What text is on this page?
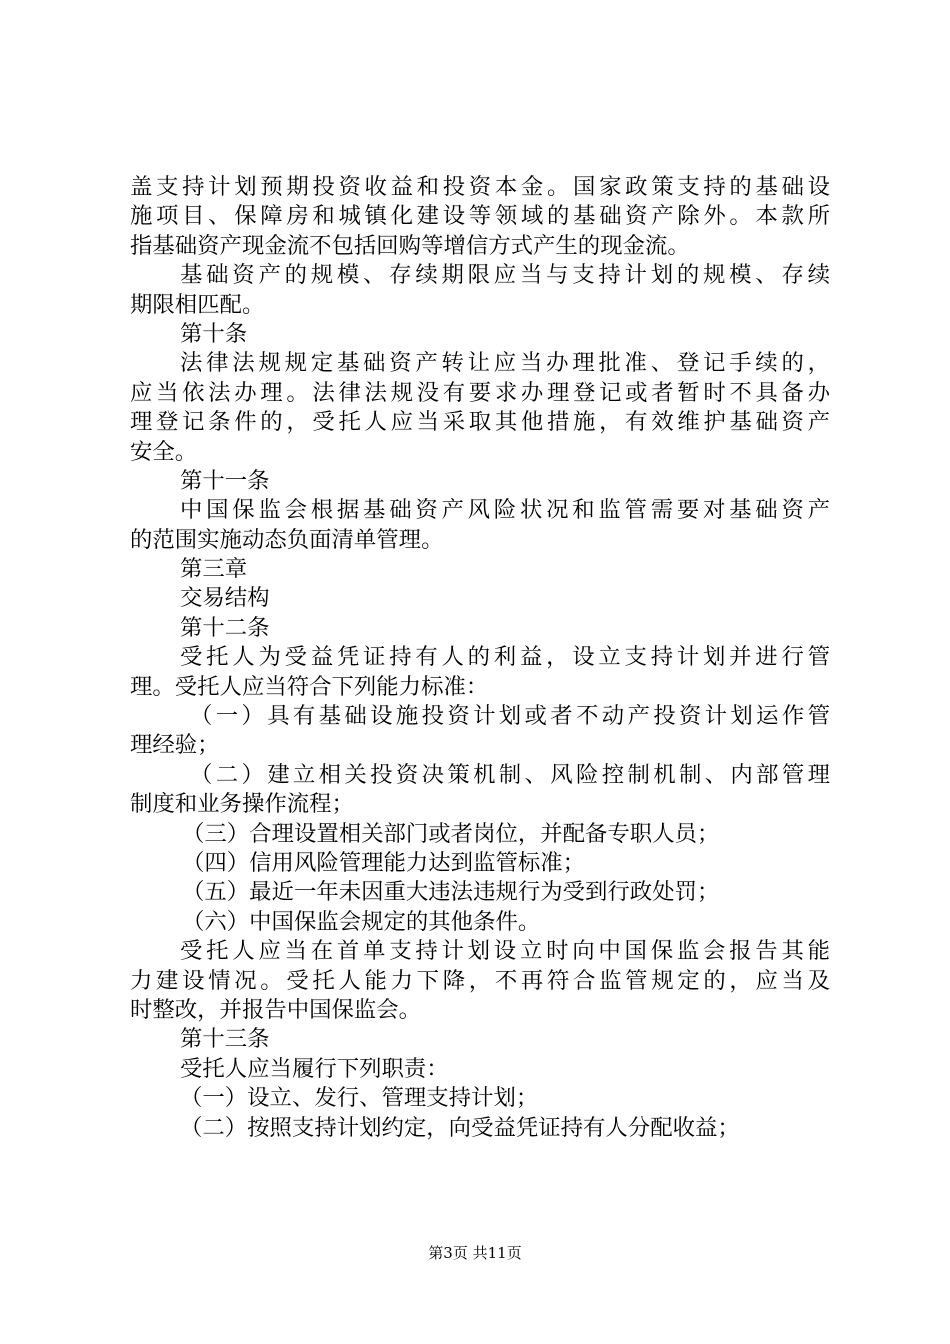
盖支持计划预期投资收益和投资本金。国家政策支持的基础设
施项目、保障房和城镇化建设等领域的基础资产除外。本款所
指基础资产现金流不包括回购等增信方式产生的现金流。
基础资产的规模、存续期限应当与支持计划的规模、存续
期限相匹配。
第十条
法律法规规定基础资产转让应当办理批准、登记手续的，
应当依法办理。法律法规没有要求办理登记或者暂时不具备办
理登记条件的，受托人应当采取其他措施，有效维护基础资产
安全。
第十一条
中国保监会根据基础资产风险状况和监管需要对基础资产
的范围实施动态负面清单管理。
第三章
交易结构
第十二条
受托人为受益凭证持有人的利益，设立支持计划并进行管
理。受托人应当符合下列能力标准：
（一）具有基础设施投资计划或者不动产投资计划运作管
理经验；
（二）建立相关投资决策机制、风险控制机制、内部管理
制度和业务操作流程；
（三）合理设置相关部门或者岗位，并配备专职人员；
（四）信用风险管理能力达到监管标准；
（五）最近一年未因重大违法违规行为受到行政处罚；
（六）中国保监会规定的其他条件。
受托人应当在首单支持计划设立时向中国保监会报告其能
力建设情况。受托人能力下降，不再符合监管规定的，应当及
时整改，并报告中国保监会。
第十三条
受托人应当履行下列职责：
（一）设立、发行、管理支持计划；
（二）按照支持计划约定，向受益凭证持有人分配收益；
第3页 共11页
